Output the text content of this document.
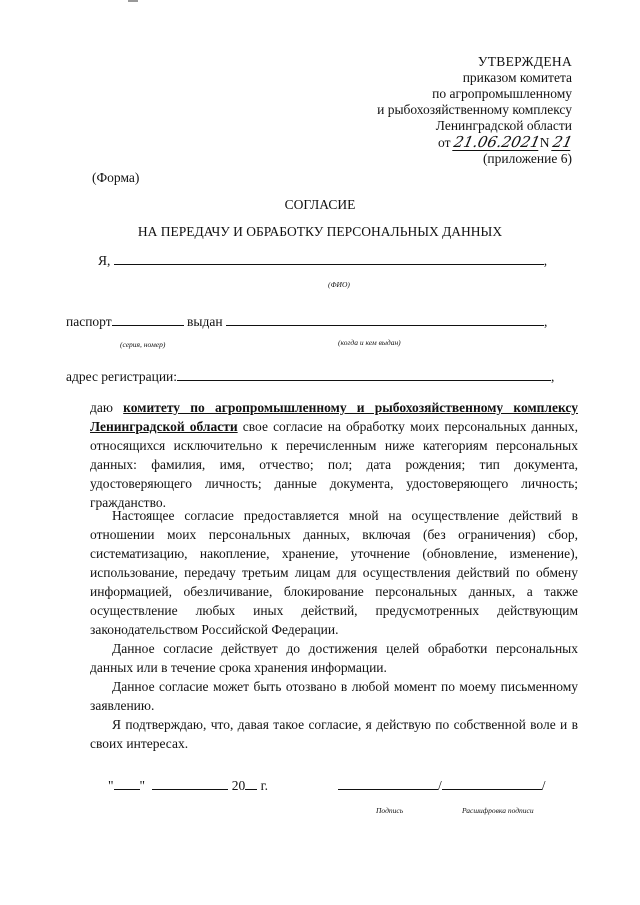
УТВЕРЖДЕНА
приказом комитета
по агропромышленному
и рыбохозяйственному комплексу
Ленинградской области
от 21.06.2021N 21
(приложение 6)
(Форма)
СОГЛАСИЕ
НА ПЕРЕДАЧУ И ОБРАБОТКУ ПЕРСОНАЛЬНЫХ ДАННЫХ
Я,	,
(ФИО)
паспорт	выдан	,
(серия, номер)	(когда и кем выдан)
адрес регистрации:	,
даю комитету по агропромышленному и рыбохозяйственному комплексу Ленинградской области свое согласие на обработку моих персональных данных, относящихся исключительно к перечисленным ниже категориям персональных данных: фамилия, имя, отчество; пол; дата рождения; тип документа, удостоверяющего личность; данные документа, удостоверяющего личность; гражданство.
Настоящее согласие предоставляется мной на осуществление действий в отношении моих персональных данных, включая (без ограничения) сбор, систематизацию, накопление, хранение, уточнение (обновление, изменение), использование, передачу третьим лицам для осуществления действий по обмену информацией, обезличивание, блокирование персональных данных, а также осуществление любых иных действий, предусмотренных действующим законодательством Российской Федерации.
Данное согласие действует до достижения целей обработки персональных данных или в течение срока хранения информации.
Данное согласие может быть отозвано в любой момент по моему письменному заявлению.
Я подтверждаю, что, давая такое согласие, я действую по собственной воле и в своих интересах.
" "	20 г.	/	/
Подпись	Расшифровка подписи
